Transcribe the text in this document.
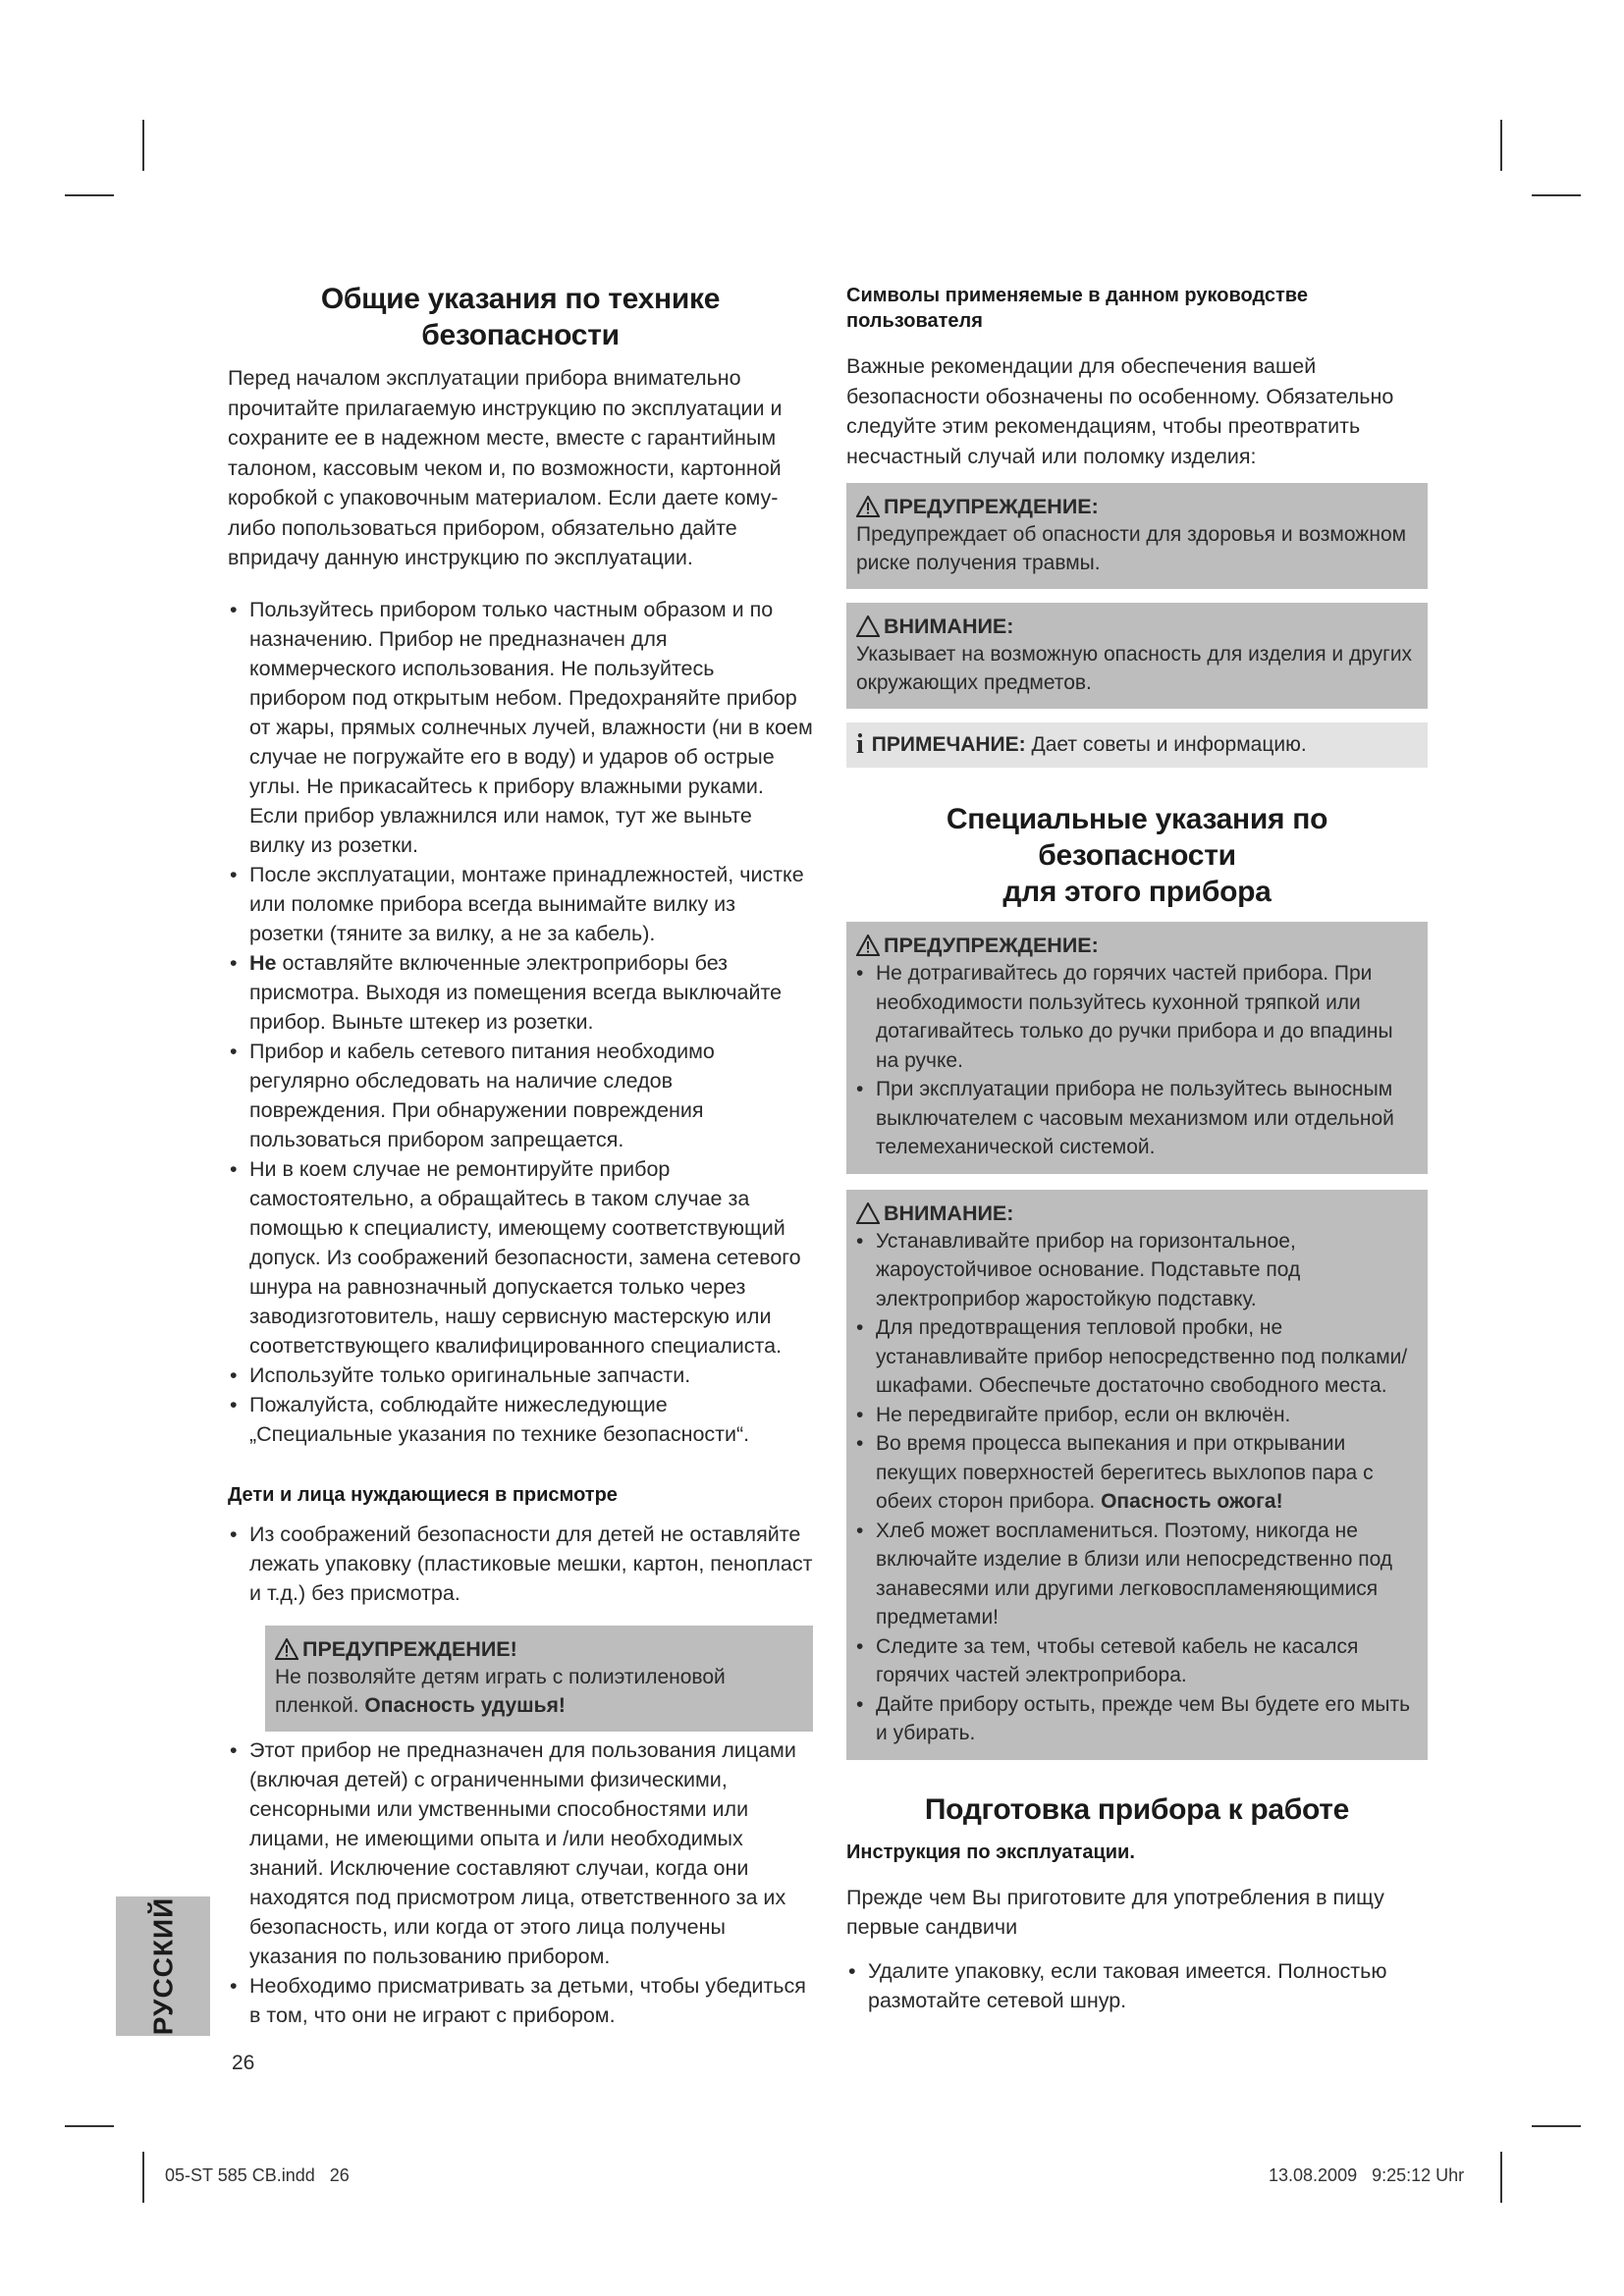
Общие указания по технике безопасности

Перед началом эксплуатации прибора внимательно прочитайте прилагаемую инструкцию по эксплуатации и сохраните ее в надежном месте, вместе с гарантийным талоном, кассовым чеком и, по возможности, картонной коробкой с упаковочным материалом. Если даете кому-либо попользоваться прибором, обязательно дайте впридачу данную инструкцию по эксплуатации.

• Пользуйтесь прибором только частным образом и по назначению. Прибор не предназначен для коммерческого использования. Не пользуйтесь прибором под открытым небом. Предохраняйте прибор от жары, прямых солнечных лучей, влажности (ни в коем случае не погружайте его в воду) и ударов об острые углы. Не прикасайтесь к прибору влажными руками. Если прибор увлажнился или намок, тут же выньте вилку из розетки.
• После эксплуатации, монтаже принадлежностей, чистке или поломке прибора всегда вынимайте вилку из розетки (тяните за вилку, а не за кабель).
• Не оставляйте включенные электроприборы без присмотра. Выходя из помещения всегда выключайте прибор. Выньте штекер из розетки.
• Прибор и кабель сетевого питания необходимо регулярно обследовать на наличие следов повреждения. При обнаружении повреждения пользоваться прибором запрещается.
• Ни в коем случае не ремонтируйте прибор самостоятельно, а обращайтесь в таком случае за помощью к специалисту, имеющему соответствующий допуск. Из соображений безопасности, замена сетевого шнура на равнозначный допускается только через заводизготовитель, нашу сервисную мастерскую или соответствующего квалифицированного специалиста.
• Используйте только оригинальные запчасти.
• Пожалуйста, соблюдайте нижеследующие „Специальные указания по технике безопасности“.
Дети и лица нуждающиеся в присмотре
• Из соображений безопасности для детей не оставляйте лежать упаковку (пластиковые мешки, картон, пенопласт и т.д.) без присмотра.
ПРЕДУПРЕЖДЕНИЕ!

Не позволяйте детям играть с полиэтиленовой пленкой. Опасность удушья!

• Этот прибор не предназначен для пользования лицами (включая детей) с ограниченными физическими, сенсорными или умственными способностями или лицами, не имеющими опыта и /или необходимых знаний. Исключение составляют случаи, когда они находятся под присмотром лица, ответственного за их безопасность, или когда от этого лица получены указания по пользованию прибором.
• Необходимо присматривать за детьми, чтобы убедиться в том, что они не играют с прибором.
Символы применяемые в данном руководстве пользователя

Важные рекомендации для обеспечения вашей безопасности обозначены по особенному. Обязательно следуйте этим рекомендациям, чтобы преотвратить несчастный случай или поломку изделия:

ПРЕДУПРЕЖДЕНИЕ:

Предупреждает об опасности для здоровья и возможном риске получения травмы.

ВНИМАНИЕ:

Указывает на возможную опасность для изделия и других окружающих предметов.

i ПРИМЕЧАНИЕ: Дает советы и информацию.
Специальные указания по безопасности
для этого прибора
ПРЕДУПРЕЖДЕНИЕ:
• Не дотрагивайтесь до горячих частей прибора. При необходимости пользуйтесь кухонной тряпкой или дотагивайтесь только до ручки прибора и до впадины на ручке.
• При эксплуатации прибора не пользуйтесь выносным выключателем с часовым механизмом или отдельной телемеханической системой.
ВНИМАНИЕ:
• Устанавливайте прибор на горизонтальное, жароустойчивое основание. Подставьте под электроприбор жаростойкую подставку.
• Для предотвращения тепловой пробки, не устанавливайте прибор непосредственно под полками/шкафами. Обеспечьте достаточно свободного места.
• Не передвигайте прибор, если он включён.
• Во время процесса выпекания и при открывании пекущих поверхностей берегитесь выхлопов пара с обеих сторон прибора. Опасность ожога!
• Хлеб может воспламениться. Поэтому, никогда не включайте изделие в близи или непосредственно под занавесями или другими легковоспламеняющимися предметами!
• Следите за тем, чтобы сетевой кабель не касался горячих частей электроприбора.
• Дайте прибору остыть, прежде чем Вы будете его мыть и убирать.
Подготовка прибора к работе
Инструкция по эксплуатации.

Прежде чем Вы приготовите для употребления в пищу первые сандвичи

• Удалите упаковку, если таковая имеется. Полностью размотайте сетевой шнур.
РУССКИЙ
26
05-ST 585 CB.indd   26	13.08.2009   9:25:12 Uhr
